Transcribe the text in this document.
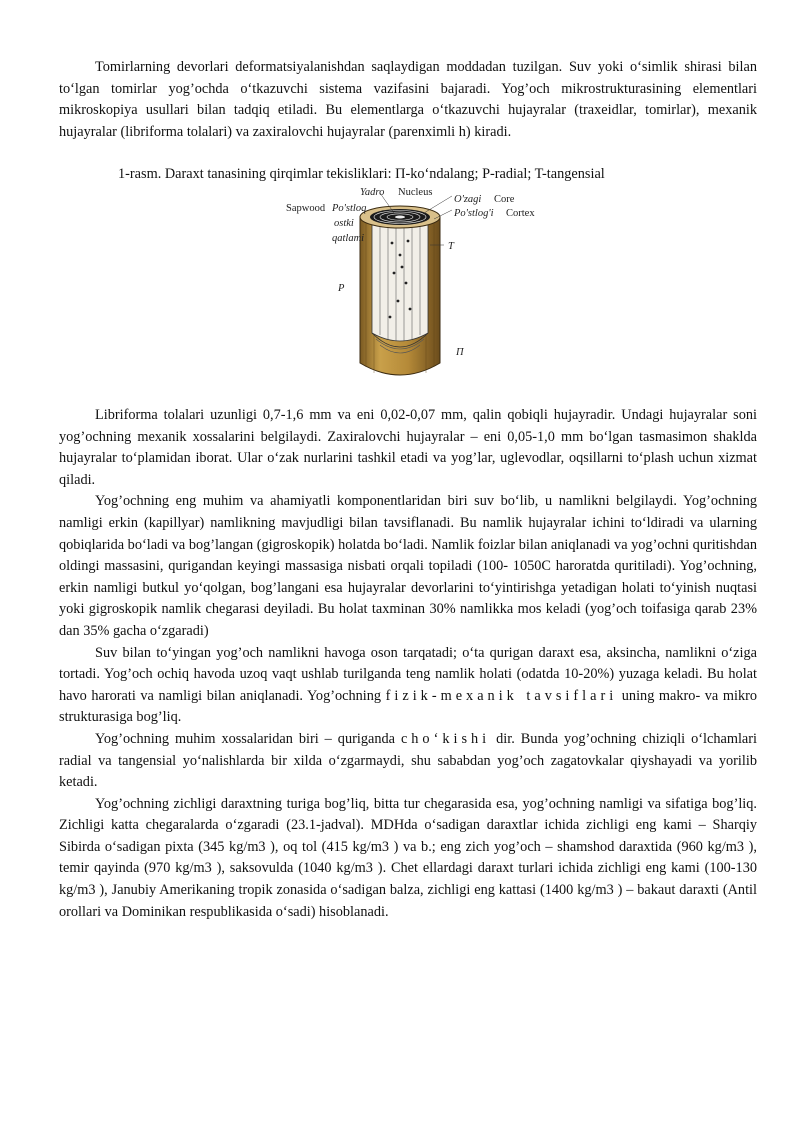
Tomirlarning devorlari deformatsiyalanishdan saqlaydigan moddadan tuzilgan. Suv yoki o‘simlik shirasi bilan to‘lgan tomirlar yog’ochda o‘tkazuvchi sistema vazifasini bajaradi. Yog’och mikrostrukturasining elementlari mikroskopiya usullari bilan tadqiq etiladi. Bu elementlarga o‘tkazuvchi hujayralar (traxeidlar, tomirlar), mexanik hujayralar (libriforma tolalari) va zaxiralovchi hujayralar (parenximli h) kiradi.

1-rasm. Daraxt tanasining qirqimlar tekisliklari: П-ko‘ndalang; P-radial; T-tangensial
Yadro Nucleus
Sapwood Po'stloq
ostki
qatlami
O'zagi Core
Po'stlog'i Cortex
T
P
П

Libriforma tolalari uzunligi 0,7-1,6 mm va eni 0,02-0,07 mm, qalin qobiqli hujayradir. Undagi hujayralar soni yog’ochning mexanik xossalarini belgilaydi. Zaxiralovchi hujayralar – eni 0,05-1,0 mm bo‘lgan tasmasimon shaklda hujayralar to‘plamidan iborat. Ular o‘zak nurlarini tashkil etadi va yog’lar, uglevodlar, oqsillarni to‘plash uchun xizmat qiladi.

Yog’ochning eng muhim va ahamiyatli komponentlaridan biri suv bo‘lib, u namlikni belgilaydi. Yog’ochning namligi erkin (kapillyar) namlikning mavjudligi bilan tavsiflanadi. Bu namlik hujayralar ichini to‘ldiradi va ularning qobiqlarida bo‘ladi va bog’langan (gigroskopik) holatda bo‘ladi. Namlik foizlar bilan aniqlanadi va yog’ochni quritishdan oldingi massasini, qurigandan keyingi massasiga nisbati orqali topiladi (100- 1050C haroratda quritiladi). Yog’ochning, erkin namligi butkul yo‘qolgan, bog’langani esa hujayralar devorlarini to‘yintirishga yetadigan holati to‘yinish nuqtasi yoki gigroskopik namlik chegarasi deyiladi. Bu holat taxminan 30% namlikka mos keladi (yog’och toifasiga qarab 23% dan 35% gacha o‘zgaradi)

Suv bilan to‘yingan yog’och namlikni havoga oson tarqatadi; o‘ta qurigan daraxt esa, aksincha, namlikni o‘ziga tortadi. Yog’och ochiq havoda uzoq vaqt ushlab turilganda teng namlik holati (odatda 10-20%) yuzaga keladi. Bu holat havo harorati va namligi bilan aniqlanadi. Yog’ochning fizik-mexanik tavsiflari uning makro- va mikro strukturasiga bog’liq.

Yog’ochning muhim xossalaridan biri – quriganda cho‘kishi dir. Bunda yog’ochning chiziqli o‘lchamlari radial va tangensial yo‘nalishlarda bir xilda o‘zgarmaydi, shu sababdan yog’och zagatovkalar qiyshayadi va yorilib ketadi.

Yog’ochning zichligi daraxtning turiga bog’liq, bitta tur chegarasida esa, yog’ochning namligi va sifatiga bog’liq. Zichligi katta chegaralarda o‘zgaradi (23.1-jadval). MDHda o‘sadigan daraxtlar ichida zichligi eng kami – Sharqiy Sibirda o‘sadigan pixta (345 kg/m3 ), oq tol (415 kg/m3 ) va b.; eng zich yog’och – shamshod daraxtida (960 kg/m3 ), temir qayinda (970 kg/m3 ), saksovulda (1040 kg/m3 ). Chet ellardagi daraxt turlari ichida zichligi eng kami (100-130 kg/m3 ), Janubiy Amerikaning tropik zonasida o‘sadigan balza, zichligi eng kattasi (1400 kg/m3 ) – bakaut daraxti (Antil orollari va Dominikan respublikasida o‘sadi) hisoblanadi.
